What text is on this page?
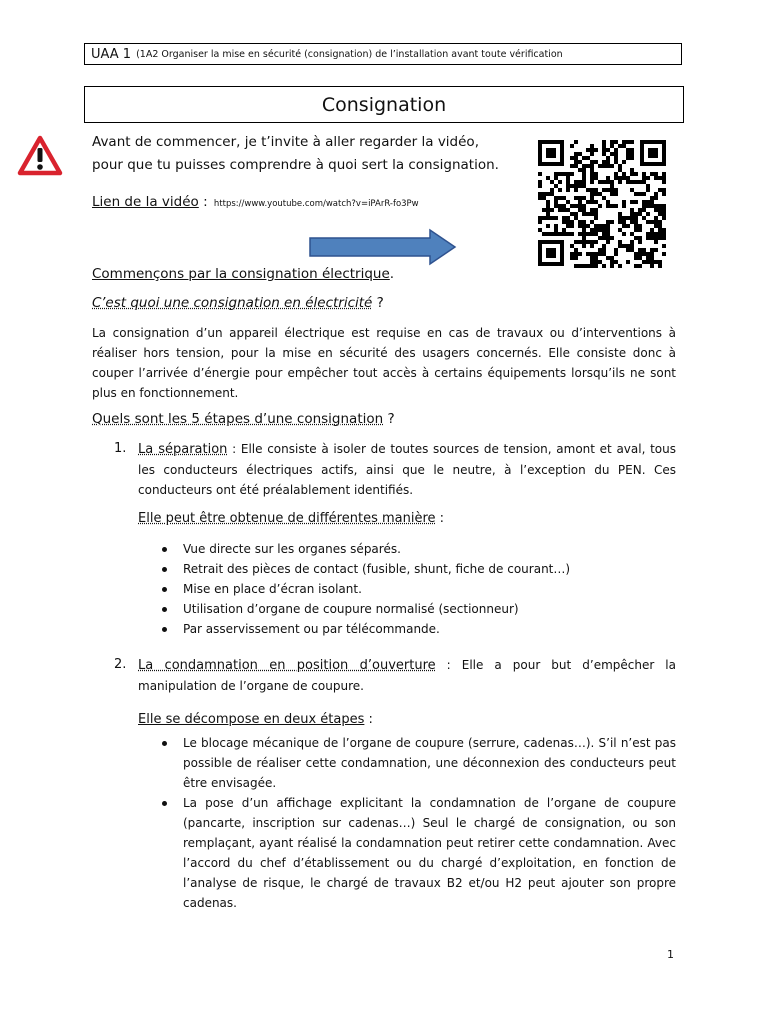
UAA 1 (1A2 Organiser la mise en sécurité (consignation) de l’installation avant toute vérification
Consignation
Avant de commencer, je t’invite à aller regarder la vidéo,
pour que tu puisses comprendre à quoi sert la consignation.
Lien de la vidéo : https://www.youtube.com/watch?v=iPArR-fo3Pw
Commençons par la consignation électrique.
C’est quoi une consignation en électricité ?
La consignation d’un appareil électrique est requise en cas de travaux ou d’interventions à réaliser hors tension, pour la mise en sécurité des usagers concernés. Elle consiste donc à couper l’arrivée d’énergie pour empêcher tout accès à certains équipements lorsqu’ils ne sont plus en fonctionnement.
Quels sont les 5 étapes d’une consignation ?
1. La séparation : Elle consiste à isoler de toutes sources de tension, amont et aval, tous les conducteurs électriques actifs, ainsi que le neutre, à l’exception du PEN. Ces conducteurs ont été préalablement identifiés.
Elle peut être obtenue de différentes manière :
Vue directe sur les organes séparés.
Retrait des pièces de contact (fusible, shunt, fiche de courant…)
Mise en place d’écran isolant.
Utilisation d’organe de coupure normalisé (sectionneur)
Par asservissement ou par télécommande.
2. La condamnation en position d’ouverture : Elle a pour but d’empêcher la manipulation de l’organe de coupure.
Elle se décompose en deux étapes :
Le blocage mécanique de l’organe de coupure (serrure, cadenas…). S’il n’est pas possible de réaliser cette condamnation, une déconnexion des conducteurs peut être envisagée.
La pose d’un affichage explicitant la condamnation de l’organe de coupure (pancarte, inscription sur cadenas…) Seul le chargé de consignation, ou son remplaçant, ayant réalisé la condamnation peut retirer cette condamnation. Avec l’accord du chef d’établissement ou du chargé d’exploitation, en fonction de l’analyse de risque, le chargé de travaux B2 et/ou H2 peut ajouter son propre cadenas.
1
